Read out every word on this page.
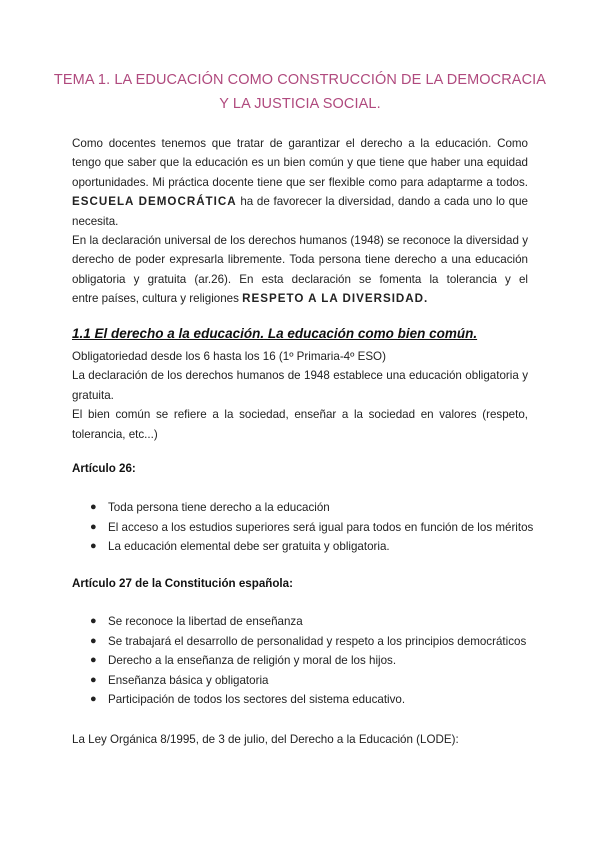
TEMA 1. LA EDUCACIÓN COMO CONSTRUCCIÓN DE LA DEMOCRACIA
Y LA JUSTICIA SOCIAL.
Como docentes tenemos que tratar de garantizar el derecho a la educación. Como
tengo que saber que la educación es un bien común y que tiene que haber una equidad
oportunidades. Mi práctica docente tiene que ser flexible como para adaptarme a todos.
ESCUELA DEMOCRÁTICA ha de favorecer la diversidad, dando a cada uno lo que
necesita.
En la declaración universal de los derechos humanos (1948) se reconoce la diversidad y
derecho de poder expresarla libremente. Toda persona tiene derecho a una educación
obligatoria y gratuita (ar.26). En esta declaración se fomenta la tolerancia y el
entre países, cultura y religiones RESPETO A LA DIVERSIDAD.
1.1 El derecho a la educación. La educación como bien común.
Obligatoriedad desde los 6 hasta los 16 (1º Primaria-4º ESO)
La declaración de los derechos humanos de 1948 establece una educación obligatoria y
gratuita.
El bien común se refiere a la sociedad, enseñar a la sociedad en valores (respeto,
tolerancia, etc...)
Artículo 26:
● Toda persona tiene derecho a la educación
● El acceso a los estudios superiores será igual para todos en función de los méritos
● La educación elemental debe ser gratuita y obligatoria.
Artículo 27 de la Constitución española:
● Se reconoce la libertad de enseñanza
● Se trabajará el desarrollo de personalidad y respeto a los principios democráticos
● Derecho a la enseñanza de religión y moral de los hijos.
● Enseñanza básica y obligatoria
● Participación de todos los sectores del sistema educativo.
La Ley Orgánica 8/1995, de 3 de julio, del Derecho a la Educación (LODE):
